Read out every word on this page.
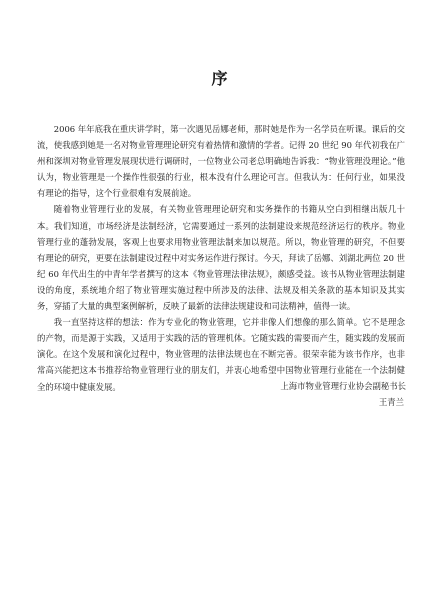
序

2006 年年底我在重庆讲学时，第一次遇见岳娜老师，那时她是作为一名学员在听课。课后的交流，使我感到她是一名对物业管理理论研究有着热情和激情的学者。记得 20 世纪 90 年代初我在广州和深圳对物业管理发展现状进行调研时，一位物业公司老总明确地告诉我：“物业管理没理论。”他认为，物业管理是一个操作性很强的行业，根本没有什么理论可言。但我认为：任何行业，如果没有理论的指导，这个行业很难有发展前途。

随着物业管理行业的发展，有关物业管理理论研究和实务操作的书籍从空白到相继出版几十本。我们知道，市场经济是法制经济，它需要通过一系列的法制建设来规范经济运行的秩序。物业管理行业的蓬勃发展，客观上也要求用物业管理法制来加以规范。所以，物业管理的研究，不但要有理论的研究，更要在法制建设过程中对实务运作进行探讨。今天，拜读了岳娜、刘湖北两位 20 世纪 60 年代出生的中青年学者撰写的这本《物业管理法律法规》，颇感受益。该书从物业管理法制建设的角度，系统地介绍了物业管理实施过程中所涉及的法律、法规及相关条款的基本知识及其实务，穿插了大量的典型案例解析，反映了最新的法律法规建设和司法精神，值得一读。

我一直坚持这样的想法：作为专业化的物业管理，它并非像人们想像的那么简单。它不是理念的产物，而是源于实践，又适用于实践的活的管理机体。它随实践的需要而产生，随实践的发展而演化。在这个发展和演化过程中，物业管理的法律法规也在不断完善。很荣幸能为该书作序，也非常高兴能把这本书推荐给物业管理行业的朋友们，并衷心地希望中国物业管理行业能在一个法制健全的环境中健康发展。	上海市物业管理行业协会副秘书长
王青兰
